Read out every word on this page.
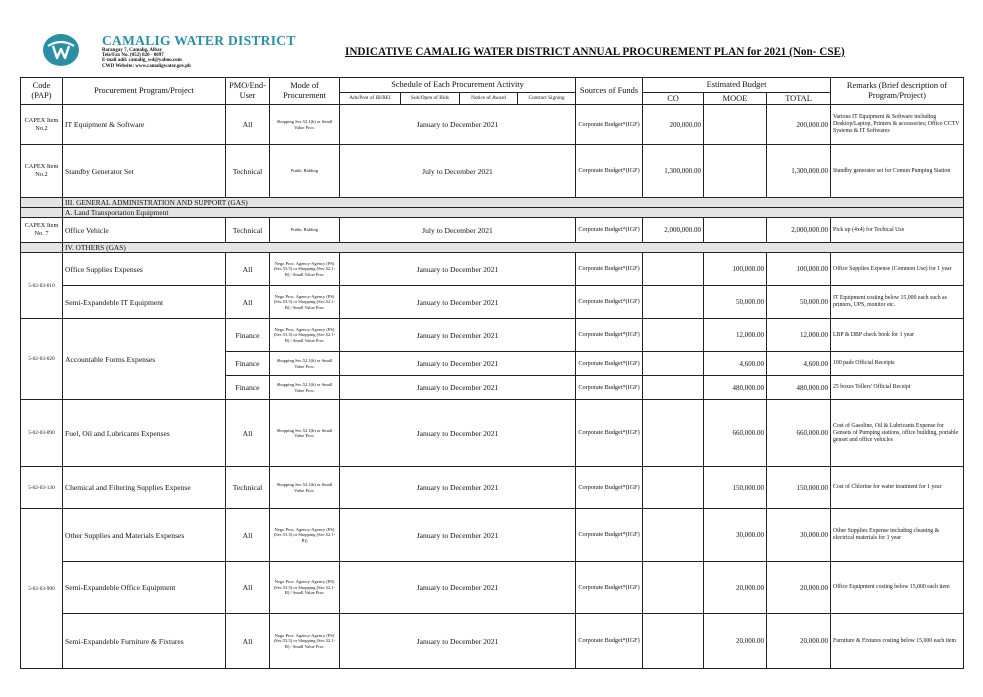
CAMALIG WATER DISTRICT
Barangay 7, Camalig, Albay
Tele/Fax No. (052) 820 - 0097
E-mail add: camalig_wd@yahoo.com
CWD Website: www.camaligwater.gov.ph
INDICATIVE CAMALIG WATER DISTRICT ANNUAL PROCUREMENT PLAN for 2021 (Non- CSE)
Code (PAP)	Procurement Program/Project	PMO/End-User	Mode of Procurement	Schedule of Each Procurement Activity				Sources of Funds	Estimated Budget			Remarks (Brief description of Program/Project)
				Ads/Post of IB/REI	Sub/Open of Bids	Notice of Award	Contract Signing		CO	MOOE	TOTAL	
CAPEX Item No.2	IT Equipment & Software	All	Shopping Sec.52.1(b) or Small Value Proc.	January to December 2021				Corporate Budget*(IGF)	200,000.00		200,000.00	Various IT Equipment & Software including Desktop/Laptop, Printers & accessories; Office CCTV Systems & IT Softwares
CAPEX Item No.2	Standby Generator Set	Technical	Public Bidding	July to December 2021				Corporate Budget*(IGF)	1,300,000.00		1,300,000.00	Standby generator set for Comun Pumping Station
	III. GENERAL ADMINISTRATION AND SUPPORT (GAS)											
	A. Land Transportation Equipment											
CAPEX Item No. 7	Office Vehicle	Technical	Public Bidding	July to December 2021				Corporate Budget*(IGF)	2,000,000.00		2,000,000.00	Pick up (4x4) for Techical Use
	IV. OTHERS (GAS)											
5-02-03-010	Office Supplies Expenses	All	Nego Proc. Agency-Agency (PS) (Sec.53.5) or Shopping (Sec.52.1-B) / Small Value Proc	January to December 2021				Corporate Budget*(IGF)		100,000.00	100,000.00	Office Supplies Expense (Common Use) for 1 year
	Semi-Expandeble IT Equipment	All	Nego Proc. Agency-Agency (PS) (Sec.53.5) or Shopping (Sec.52.1-B) / Small Value Proc	January to December 2021				Corporate Budget*(IGF)		50,000.00	50,000.00	IT Equipment costing below 15,000 each such as printers, UPS, monitor etc.
5-02-03-020	Accountable Forms Expenses	Finance	Nego Proc. Agency-Agency (PS) (Sec.53.5) or Shopping (Sec.52.1-B) / Small Value Proc	January to December 2021				Corporate Budget*(IGF)		12,000.00	12,000.00	LBP & DBP check book for 1 year
		Finance	Shopping Sec.52.1(b) or Small Value Proc.	January to December 2021				Corporate Budget*(IGF)		4,600.00	4,600.00	100 pads Official Receipts
		Finance	Shopping Sec.52.1(b) or Small Value Proc.	January to December 2021				Corporate Budget*(IGF)		480,000.00	480,000.00	25 boxes Tellers' Official Receipt
5-02-03-090	Fuel, Oil and Lubricants Expenses	All	Shopping Sec.52.1(b) or Small Value Proc.	January to December 2021				Corporate Budget*(IGF)		660,000.00	660,000.00	Cost of Gasoline, Oil & Lubricants Expense for Gensets of Pumping stations, office building, portable genset and office vehicles
5-02-03-130	Chemical and Filtering Supplies Expense	Technical	Shopping Sec.52.1(b) or Small Value Proc.	January to December 2021				Corporate Budget*(IGF)		150,000.00	150,000.00	Cost of Chlorine for water treatment for 1 year
5-02-03-990	Other Supplies and Materials Expenses	All	Nego Proc. Agency-Agency (PS) (Sec.53.5) or Shopping (Sec.52.1-B))	January to December 2021				Corporate Budget*(IGF)		30,000.00	30,000.00	Other Supplies Expense including cleaning & electrical materials for 1 year
	Semi-Expandeble Office Equipment	All	Nego Proc. Agency-Agency (PS) (Sec.53.5) or Shopping (Sec.52.1-B) / Small Value Proc	January to December 2021				Corporate Budget*(IGF)		20,000.00	20,000.00	Office Equipment costing below 15,000 each item
	Semi-Expandeble Furniture & Fixtures	All	Nego Proc. Agency-Agency (PS) (Sec.53.5) or Shopping (Sec.52.1-B) / Small Value Proc	January to December 2021				Corporate Budget*(IGF)		20,000.00	20,000.00	Furniture & Fixtures costing below 15,000 each item
